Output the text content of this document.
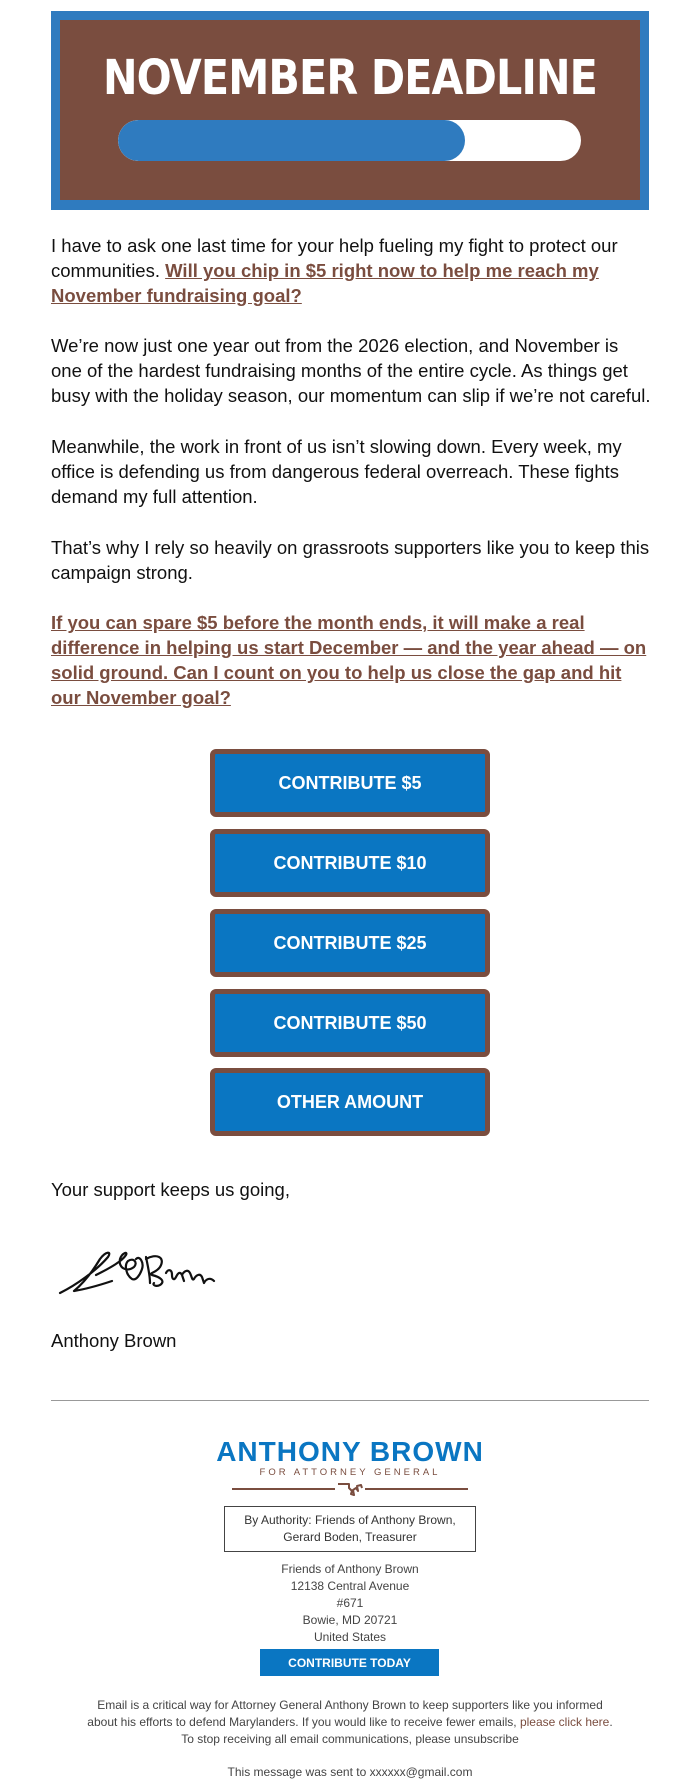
NOVEMBER DEADLINE

I have to ask one last time for your help fueling my fight to protect our communities. Will you chip in $5 right now to help me reach my November fundraising goal?

We’re now just one year out from the 2026 election, and November is one of the hardest fundraising months of the entire cycle. As things get busy with the holiday season, our momentum can slip if we’re not careful.

Meanwhile, the work in front of us isn’t slowing down. Every week, my office is defending us from dangerous federal overreach. These fights demand my full attention.

That’s why I rely so heavily on grassroots supporters like you to keep this campaign strong.

If you can spare $5 before the month ends, it will make a real difference in helping us start December — and the year ahead — on solid ground. Can I count on you to help us close the gap and hit our November goal?

CONTRIBUTE $5
CONTRIBUTE $10
CONTRIBUTE $25
CONTRIBUTE $50
OTHER AMOUNT
Your support keeps us going,
Anthony Brown
ANTHONY BROWN
FOR ATTORNEY GENERAL
By Authority: Friends of Anthony Brown,
Gerard Boden, Treasurer
Friends of Anthony Brown
12138 Central Avenue
#671
Bowie, MD 20721
United States
CONTRIBUTE TODAY
Email is a critical way for Attorney General Anthony Brown to keep supporters like you informed
about his efforts to defend Marylanders. If you would like to receive fewer emails, please click here.
To stop receiving all email communications, please unsubscribe
This message was sent to xxxxxx@gmail.com
